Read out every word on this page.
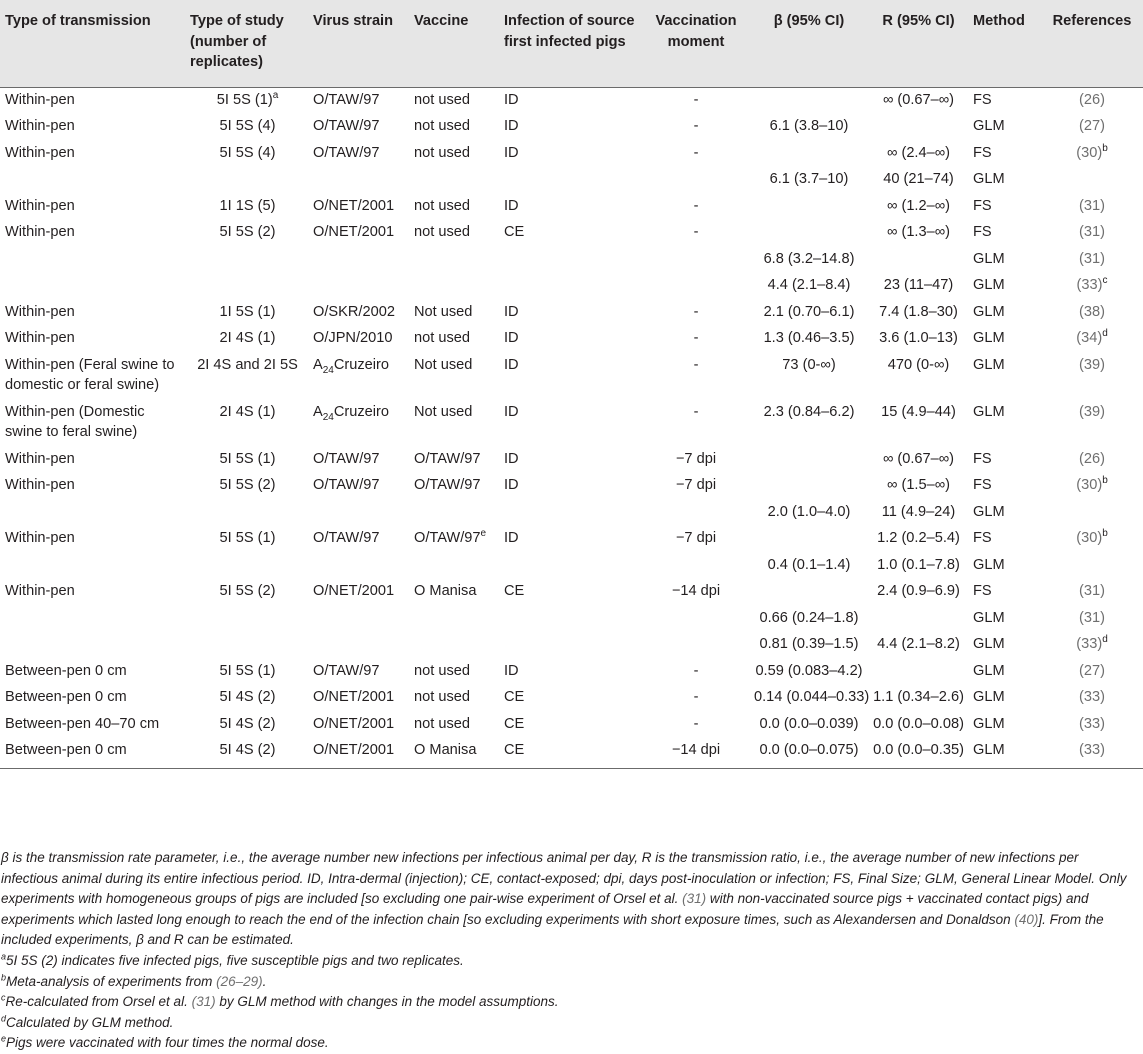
Type of transmission	Type of study (number of replicates)	Virus strain	Vaccine	Infection of source first infected pigs	Vaccination moment	β (95% CI)	R (95% CI)	Method	References
Within-pen	5I 5S $(1)^a$	O/TAW/97	not used	ID	-		∞ (0.67–∞)	FS	(26)
Within-pen	5I 5S (4)	O/TAW/97	not used	ID	-	6.1 (3.8–10)		GLM	(27)
Within-pen	5I 5S (4)	O/TAW/97	not used	ID	-		∞ (2.4–∞)	FS	$(30)^b$
						6.1 (3.7–10)	40 (21–74)	GLM	
Within-pen	1I 1S (5)	O/NET/2001	not used	ID	-		∞ (1.2–∞)	FS	(31)
Within-pen	5I 5S (2)	O/NET/2001	not used	CE	-		∞ (1.3–∞)	FS	(31)
						6.8 (3.2–14.8)		GLM	(31)
						4.4 (2.1–8.4)	23 (11–47)	GLM	$(33)^c$
Within-pen	1I 5S (1)	O/SKR/2002	Not used	ID	-	2.1 (0.70–6.1)	7.4 (1.8–30)	GLM	(38)
Within-pen	2I 4S (1)	O/JPN/2010	not used	ID	-	1.3 (0.46–3.5)	3.6 (1.0–13)	GLM	$(34)^d$
Within-pen (Feral swine to domestic or feral swine)	2I 4S and 2I 5S	$A_{24}Cruzeiro$	Not used	ID	-	73 (0-∞)	470 (0-∞)	GLM	(39)
Within-pen (Domestic swine to feral swine)	2I 4S (1)	$A_{24}Cruzeiro$	Not used	ID	-	2.3 (0.84–6.2)	15 (4.9–44)	GLM	(39)
Within-pen	5I 5S (1)	O/TAW/97	O/TAW/97	ID	−7 dpi		∞ (0.67–∞)	FS	(26)
Within-pen	5I 5S (2)	O/TAW/97	O/TAW/97	ID	−7 dpi		∞ (1.5–∞)	FS	$(30)^b$
						2.0 (1.0–4.0)	11 (4.9–24)	GLM	
Within-pen	5I 5S (1)	O/TAW/97	O/TAW/97e	ID	−7 dpi		1.2 (0.2–5.4)	FS	$(30)^b$
						0.4 (0.1–1.4)	1.0 (0.1–7.8)	GLM	
Within-pen	5I 5S (2)	O/NET/2001	O Manisa	CE	−14 dpi		2.4 (0.9–6.9)	FS	(31)
						0.66 (0.24–1.8)		GLM	(31)
						0.81 (0.39–1.5)	4.4 (2.1–8.2)	GLM	$(33)^d$
Between-pen 0 cm	5I 5S (1)	O/TAW/97	not used	ID	-	0.59 (0.083–4.2)		GLM	(27)
Between-pen 0 cm	5I 4S (2)	O/NET/2001	not used	CE	-	0.14 (0.044–0.33)	1.1 (0.34–2.6)	GLM	(33)
Between-pen 40–70 cm	5I 4S (2)	O/NET/2001	not used	CE	-	0.0 (0.0–0.039)	0.0 (0.0–0.08)	GLM	(33)
Between-pen 0 cm	5I 4S (2)	O/NET/2001	O Manisa	CE	−14 dpi	0.0 (0.0–0.075)	0.0 (0.0–0.35)	GLM	(33)

β is the transmission rate parameter, i.e., the average number new infections per infectious animal per day, R is the transmission ratio, i.e., the average number of new infections per infectious animal during its entire infectious period. ID, Intra-dermal (injection); CE, contact-exposed; dpi, days post-inoculation or infection; FS, Final Size; GLM, General Linear Model. Only experiments with homogeneous groups of pigs are included [so excluding one pair-wise experiment of Orsel et al. (31) with non-vaccinated source pigs + vaccinated contact pigs) and experiments which lasted long enough to reach the end of the infection chain [so excluding experiments with short exposure times, such as Alexandersen and Donaldson (40)]. From the included experiments, β and R can be estimated.

$^a$5I 5S (2) indicates five infected pigs, five susceptible pigs and two replicates.

$^b$Meta-analysis of experiments from (26–29).

$^c$Re-calculated from Orsel et al. (31) by GLM method with changes in the model assumptions.

$^d$Calculated by GLM method.

$^e$Pigs were vaccinated with four times the normal dose.
